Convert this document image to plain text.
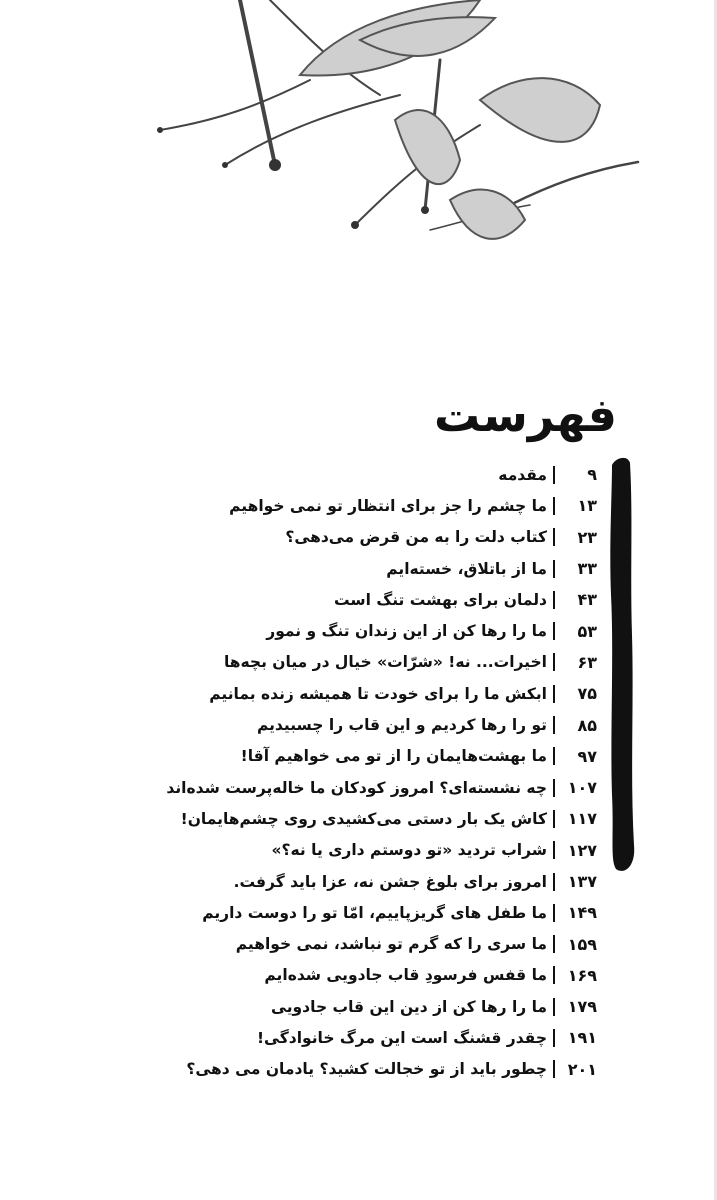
فهرست
۹
مقدمه
۱۳
ما چشم را جز برای انتظار تو نمی خواهیم
۲۳
کتاب دلت را به من قرض می‌دهی؟
۳۳
ما از باتلاق، خسته‌ایم
۴۳
دلمان برای بهشت تنگ است
۵۳
ما را رها کن از این زندان تنگ و نمور
۶۳
اخیرات... نه! «شرّات» خیال در میان بچه‌ها
۷۵
ابکش ما را برای خودت تا همیشه زنده بمانیم
۸۵
تو را رها کردیم و این قاب را چسبیدیم
۹۷
ما بهشت‌هایمان را از تو می خواهیم آقا!
۱۰۷
چه نشسته‌ای؟ امروز کودکان ما خاله‌پرست شده‌اند
۱۱۷
کاش یک بار دستی می‌کشیدی روی چشم‌هایمان!
۱۲۷
شراب تردید «تو دوستم داری یا نه؟»
۱۳۷
امروز برای بلوغ جشن نه، عزا باید گرفت.
۱۴۹
ما طفل های گریزپاییم، امّا تو را دوست داریم
۱۵۹
ما سری را که گرم تو نباشد، نمی خواهیم
۱۶۹
ما قفس فرسودِ قاب جادویی شده‌ایم
۱۷۹
ما را رها کن از دین این قاب جادویی
۱۹۱
چقدر قشنگ است این مرگ خانوادگی!
۲۰۱
چطور باید از تو خجالت کشید؟ یادمان می دهی؟
